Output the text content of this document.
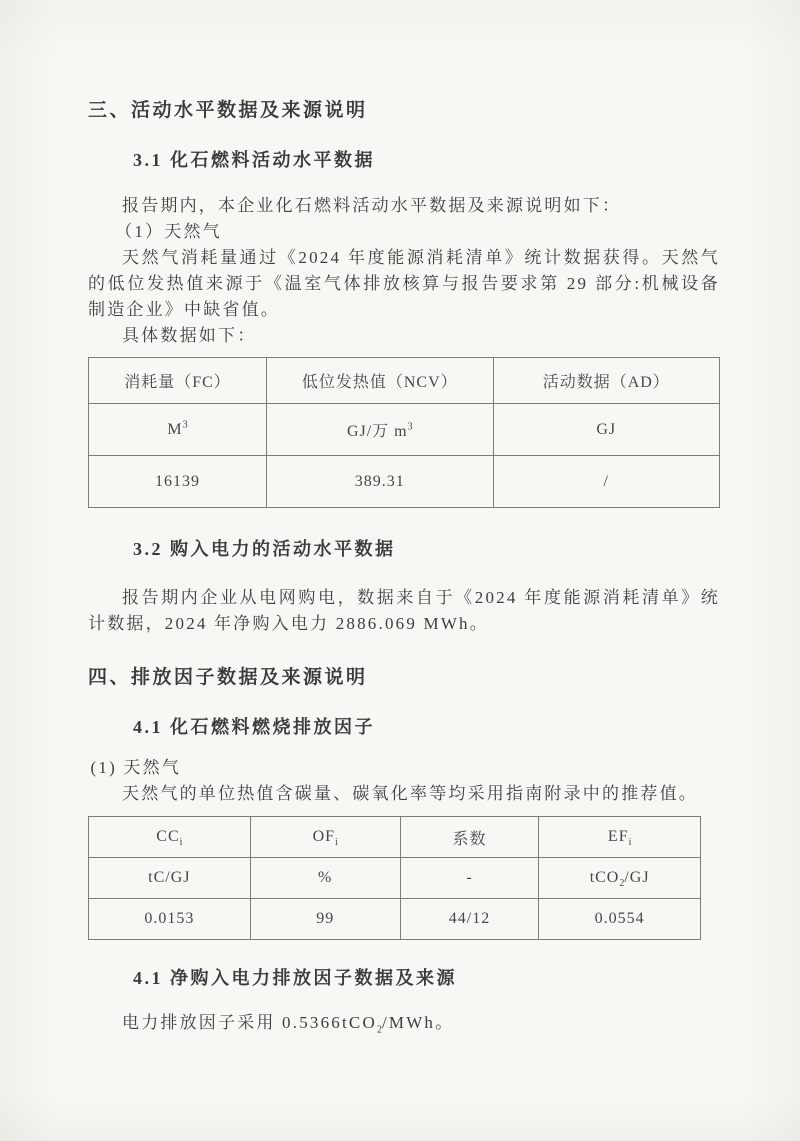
三、活动水平数据及来源说明
3.1 化石燃料活动水平数据

报告期内，本企业化石燃料活动水平数据及来源说明如下：

（1）天然气

天然气消耗量通过《2024 年度能源消耗清单》统计数据获得。天然气的低位发热值来源于《温室气体排放核算与报告要求第 29 部分:机械设备制造企业》中缺省值。

具体数据如下：

消耗量（FC）	低位发热值（NCV）	活动数据（AD）
$M^3$	GJ/万 $m^3$	GJ
16139	389.31	/
3.2 购入电力的活动水平数据

报告期内企业从电网购电，数据来自于《2024 年度能源消耗清单》统计数据，2024 年净购入电力 2886.069 MWh。

四、排放因子数据及来源说明
4.1 化石燃料燃烧排放因子

(1) 天然气

天然气的单位热值含碳量、碳氧化率等均采用指南附录中的推荐值。

$CC_i$	$OF_i$	系数	$EF_i$
tC/GJ	%	-	tCO$_2$/GJ
0.0153	99	44/12	0.0554
4.1 净购入电力排放因子数据及来源

电力排放因子采用 0.5366tCO$_2$/MWh。
